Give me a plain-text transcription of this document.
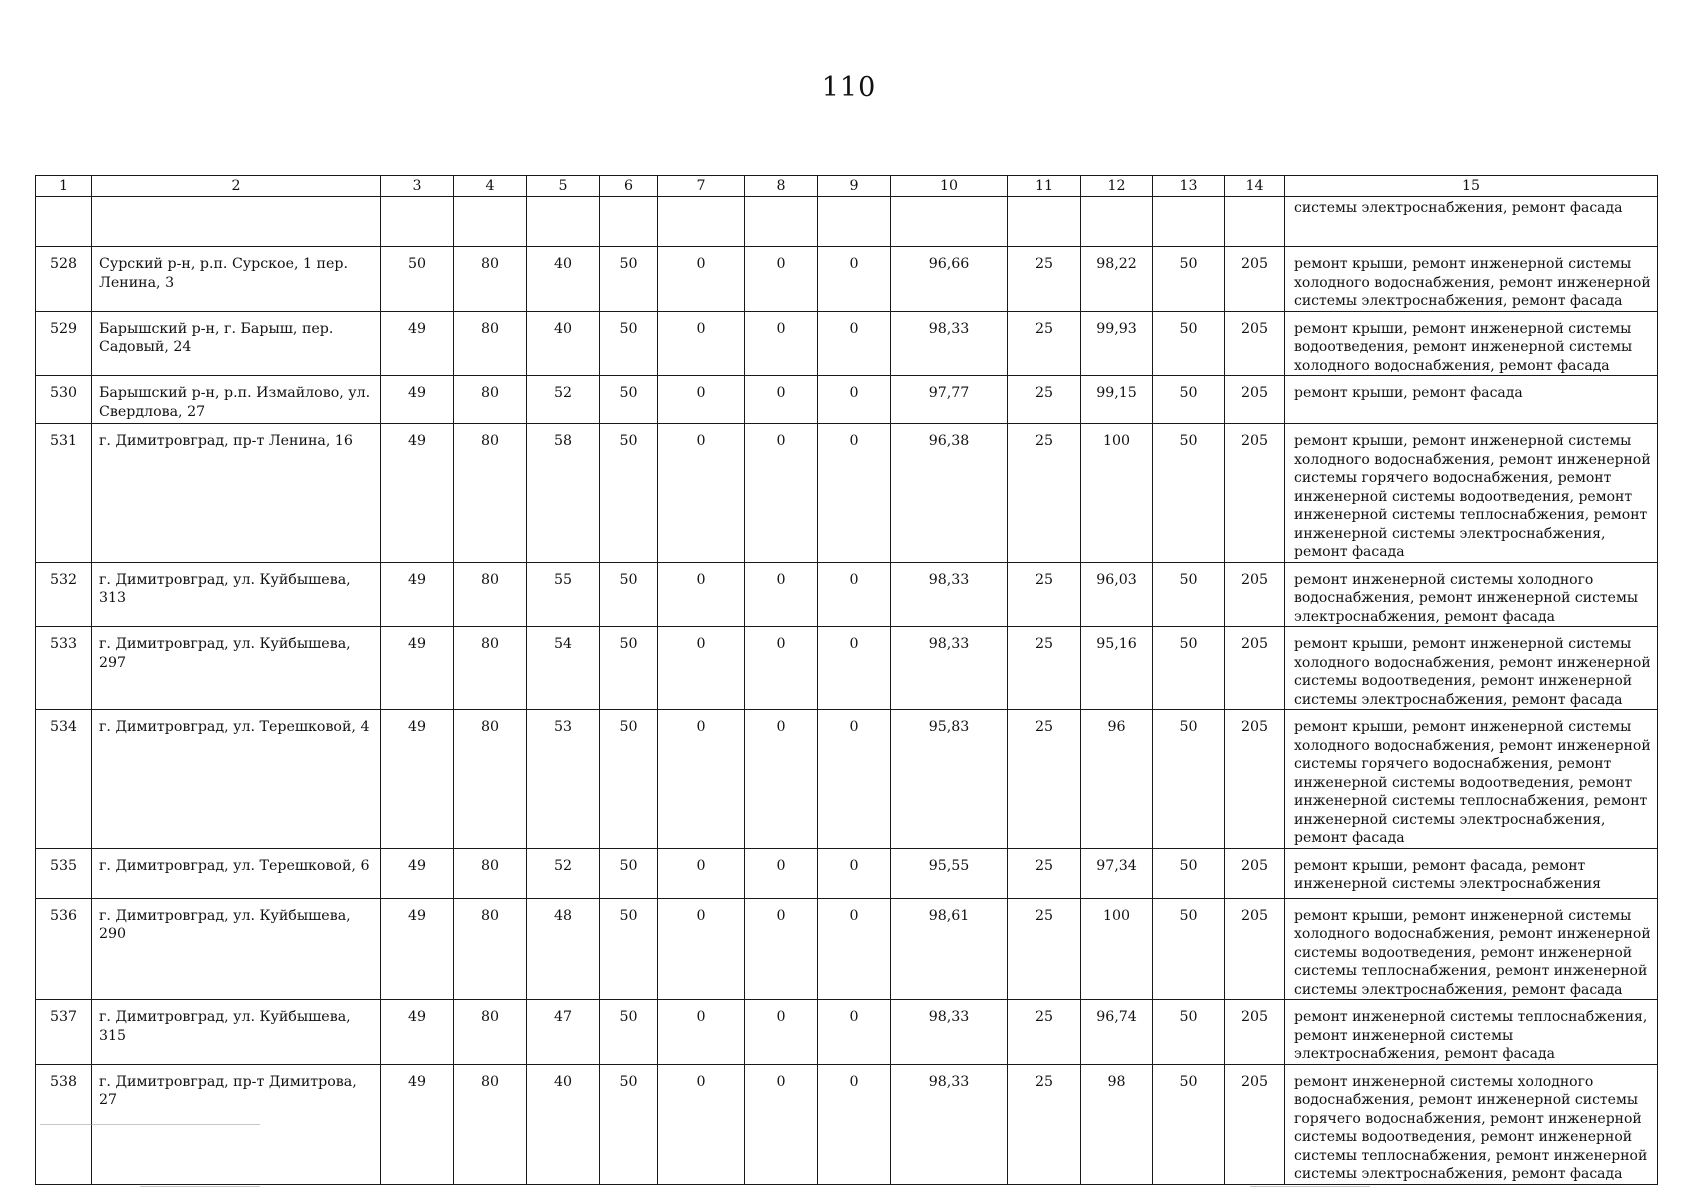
110
1	2	3	4	5	6	7	8	9	10	11	12	13	14	15
														системы электроснабжения, ремонт фасада
528	Сурский р-н, р.п. Сурское, 1 пер. Ленина, 3	50	80	40	50	0	0	0	96,66	25	98,22	50	205	ремонт крыши, ремонт инженерной системы холодного водоснабжения, ремонт инженерной системы электроснабжения, ремонт фасада
529	Барышский р-н, г. Барыш, пер. Садовый, 24	49	80	40	50	0	0	0	98,33	25	99,93	50	205	ремонт крыши, ремонт инженерной системы водоотведения, ремонт инженерной системы холодного водоснабжения, ремонт фасада
530	Барышский р-н, р.п. Измайлово, ул. Свердлова, 27	49	80	52	50	0	0	0	97,77	25	99,15	50	205	ремонт крыши, ремонт фасада
531	г. Димитровград, пр-т Ленина, 16	49	80	58	50	0	0	0	96,38	25	100	50	205	ремонт крыши, ремонт инженерной системы холодного водоснабжения, ремонт инженерной системы горячего водоснабжения, ремонт инженерной системы водоотведения, ремонт инженерной системы теплоснабжения, ремонт инженерной системы электроснабжения, ремонт фасада
532	г. Димитровград, ул. Куйбышева, 313	49	80	55	50	0	0	0	98,33	25	96,03	50	205	ремонт инженерной системы холодного водоснабжения, ремонт инженерной системы электроснабжения, ремонт фасада
533	г. Димитровград, ул. Куйбышева, 297	49	80	54	50	0	0	0	98,33	25	95,16	50	205	ремонт крыши, ремонт инженерной системы холодного водоснабжения, ремонт инженерной системы водоотведения, ремонт инженерной системы электроснабжения, ремонт фасада
534	г. Димитровград, ул. Терешковой, 4	49	80	53	50	0	0	0	95,83	25	96	50	205	ремонт крыши, ремонт инженерной системы холодного водоснабжения, ремонт инженерной системы горячего водоснабжения, ремонт инженерной системы водоотведения, ремонт инженерной системы теплоснабжения, ремонт инженерной системы электроснабжения, ремонт фасада
535	г. Димитровград, ул. Терешковой, 6	49	80	52	50	0	0	0	95,55	25	97,34	50	205	ремонт крыши, ремонт фасада, ремонт инженерной системы электроснабжения
536	г. Димитровград, ул. Куйбышева, 290	49	80	48	50	0	0	0	98,61	25	100	50	205	ремонт крыши, ремонт инженерной системы холодного водоснабжения, ремонт инженерной системы водоотведения, ремонт инженерной системы теплоснабжения, ремонт инженерной системы электроснабжения, ремонт фасада
537	г. Димитровград, ул. Куйбышева, 315	49	80	47	50	0	0	0	98,33	25	96,74	50	205	ремонт инженерной системы теплоснабжения, ремонт инженерной системы электроснабжения, ремонт фасада
538	г. Димитровград, пр-т Димитрова, 27	49	80	40	50	0	0	0	98,33	25	98	50	205	ремонт инженерной системы холодного водоснабжения, ремонт инженерной системы горячего водоснабжения, ремонт инженерной системы водоотведения, ремонт инженерной системы теплоснабжения, ремонт инженерной системы электроснабжения, ремонт фасада
